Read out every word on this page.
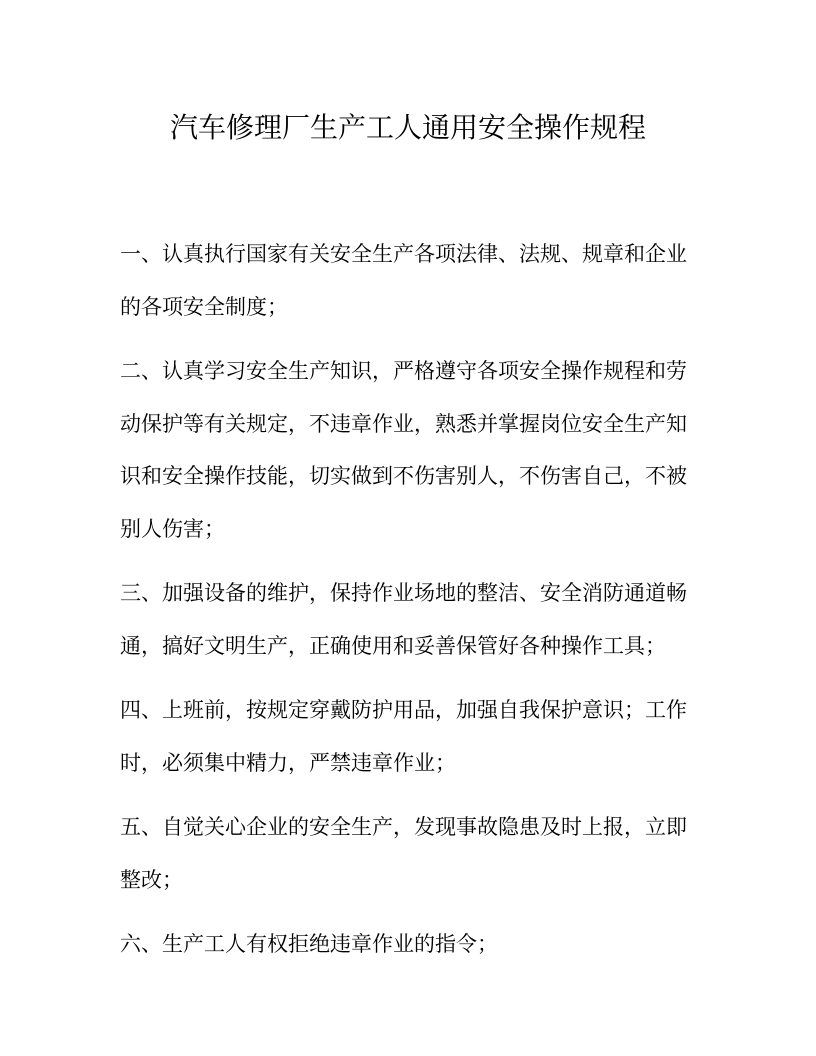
汽车修理厂生产工人通用安全操作规程
一、认真执行国家有关安全生产各项法律、法规、规章和企业
的各项安全制度；
二、认真学习安全生产知识，严格遵守各项安全操作规程和劳
动保护等有关规定，不违章作业，熟悉并掌握岗位安全生产知
识和安全操作技能，切实做到不伤害别人，不伤害自己，不被
别人伤害；
三、加强设备的维护，保持作业场地的整洁、安全消防通道畅
通，搞好文明生产，正确使用和妥善保管好各种操作工具；
四、上班前，按规定穿戴防护用品，加强自我保护意识；工作
时，必须集中精力，严禁违章作业；
五、自觉关心企业的安全生产，发现事故隐患及时上报，立即
整改；
六、生产工人有权拒绝违章作业的指令；
